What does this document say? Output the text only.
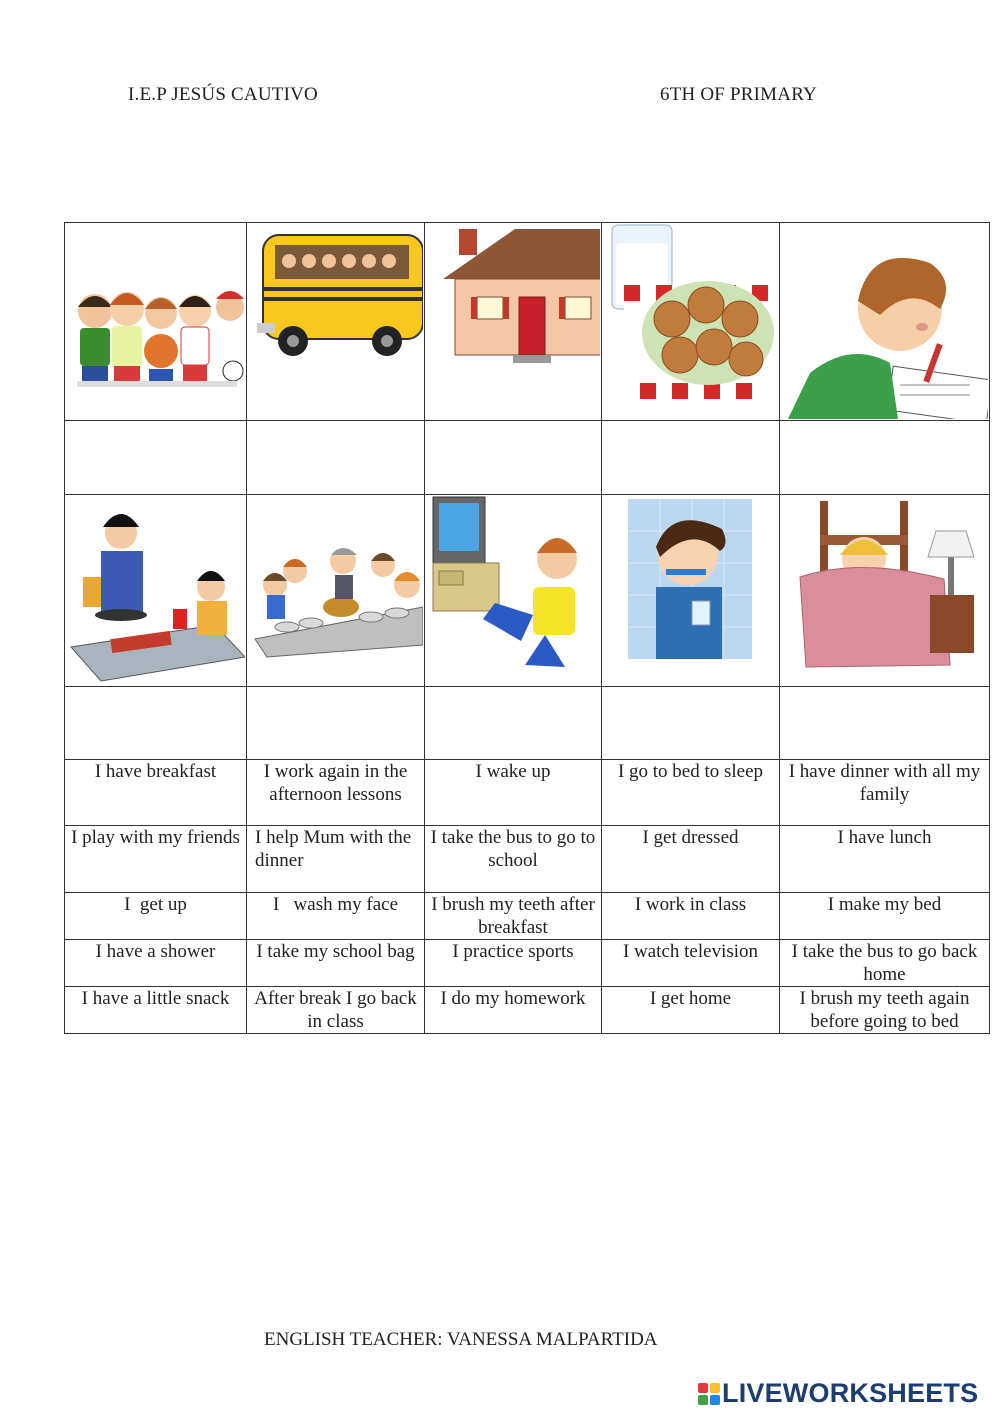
I.E.P JESÚS CAUTIVO	6TH OF PRIMARY

I have breakfast	I work again in the afternoon lessons	I wake up	I go to bed to sleep	I have dinner with all my family
I play with my friends	I help Mum with the dinner	I take the bus to go to school	I get dressed	I have lunch
I  get up	I   wash my face	I brush my teeth after breakfast	I work in class	I make my bed
I have a shower	I take my school bag	I practice sports	I watch television	I take the bus to go back home
I have a little snack	After break I go back in class	I do my homework	I get home	I brush my teeth again before going to bed
ENGLISH TEACHER: VANESSA MALPARTIDA
LIVEWORKSHEETS
